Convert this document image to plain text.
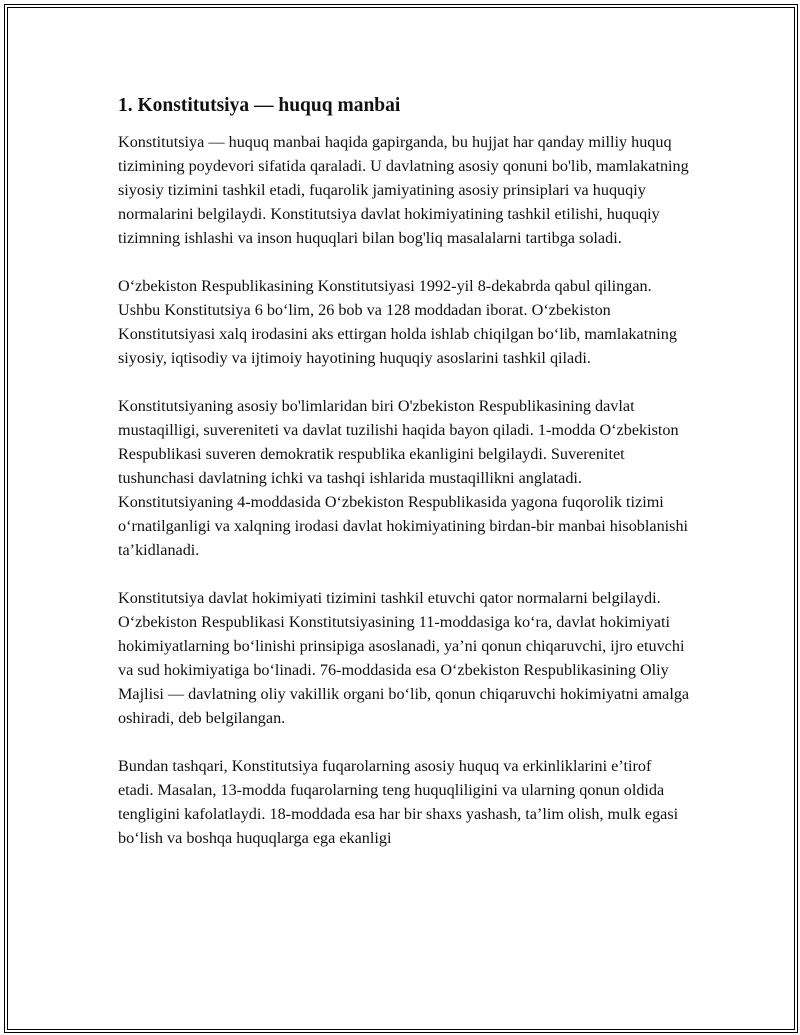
1. Konstitutsiya — huquq manbai

Konstitutsiya — huquq manbai haqida gapirganda, bu hujjat har qanday milliy huquq tizimining poydevori sifatida qaraladi. U davlatning asosiy qonuni bo'lib, mamlakatning siyosiy tizimini tashkil etadi, fuqarolik jamiyatining asosiy prinsiplari va huquqiy normalarini belgilaydi. Konstitutsiya davlat hokimiyatining tashkil etilishi, huquqiy tizimning ishlashi va inson huquqlari bilan bog'liq masalalarni tartibga soladi.

O‘zbekiston Respublikasining Konstitutsiyasi 1992-yil 8-dekabrda qabul qilingan. Ushbu Konstitutsiya 6 bo‘lim, 26 bob va 128 moddadan iborat. O‘zbekiston Konstitutsiyasi xalq irodasini aks ettirgan holda ishlab chiqilgan bo‘lib, mamlakatning siyosiy, iqtisodiy va ijtimoiy hayotining huquqiy asoslarini tashkil qiladi.

Konstitutsiyaning asosiy bo'limlaridan biri O'zbekiston Respublikasining davlat mustaqilligi, suvereniteti va davlat tuzilishi haqida bayon qiladi. 1-modda O‘zbekiston Respublikasi suveren demokratik respublika ekanligini belgilaydi. Suverenitet tushunchasi davlatning ichki va tashqi ishlarida mustaqillikni anglatadi. Konstitutsiyaning 4-moddasida O‘zbekiston Respublikasida yagona fuqorolik tizimi o‘rnatilganligi va xalqning irodasi davlat hokimiyatining birdan-bir manbai hisoblanishi ta’kidlanadi.

Konstitutsiya davlat hokimiyati tizimini tashkil etuvchi qator normalarni belgilaydi. O‘zbekiston Respublikasi Konstitutsiyasining 11-moddasiga ko‘ra, davlat hokimiyati hokimiyatlarning bo‘linishi prinsipiga asoslanadi, ya’ni qonun chiqaruvchi, ijro etuvchi va sud hokimiyatiga bo‘linadi. 76-moddasida esa O‘zbekiston Respublikasining Oliy Majlisi — davlatning oliy vakillik organi bo‘lib, qonun chiqaruvchi hokimiyatni amalga oshiradi, deb belgilangan.

Bundan tashqari, Konstitutsiya fuqarolarning asosiy huquq va erkinliklarini e’tirof etadi. Masalan, 13-modda fuqarolarning teng huquqliligini va ularning qonun oldida tengligini kafolatlaydi. 18-moddada esa har bir shaxs yashash, ta’lim olish, mulk egasi bo‘lish va boshqa huquqlarga ega ekanligi
